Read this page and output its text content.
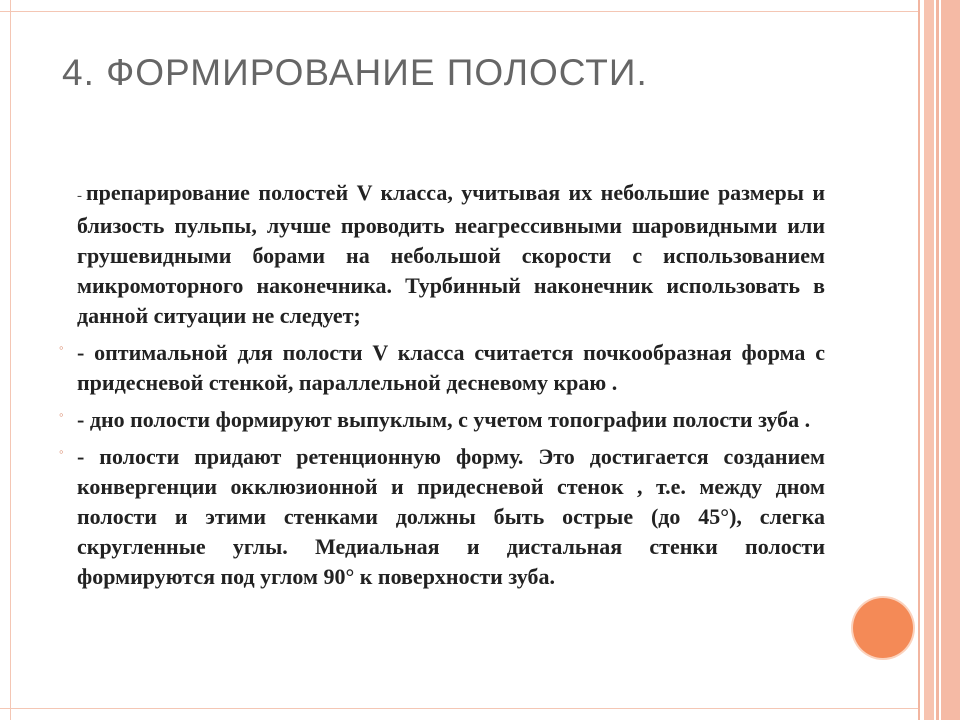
4. ФОРМИРОВАНИЕ ПОЛОСТИ.
- препарирование полостей V класса, учитывая их небольшие размеры и близость пульпы, лучше проводить неагрессивными шаровидными или грушевидными борами на небольшой скорости с использованием микромоторного наконечника. Турбинный наконечник использовать в данной ситуации не следует;
◦ - оптимальной для полости V класса считается почкообразная форма с придесневой стенкой, параллельной десневому краю .
◦ - дно полости формируют выпуклым, с учетом топографии полости зуба .
◦ - полости придают ретенционную форму. Это достигается созданием конвергенции окклюзионной и придесневой стенок , т.е. между дном полости и этими стенками должны быть острые (до 45°), слегка скругленные углы. Медиальная и дистальная стенки полости формируются под углом 90° к поверхности зуба.
